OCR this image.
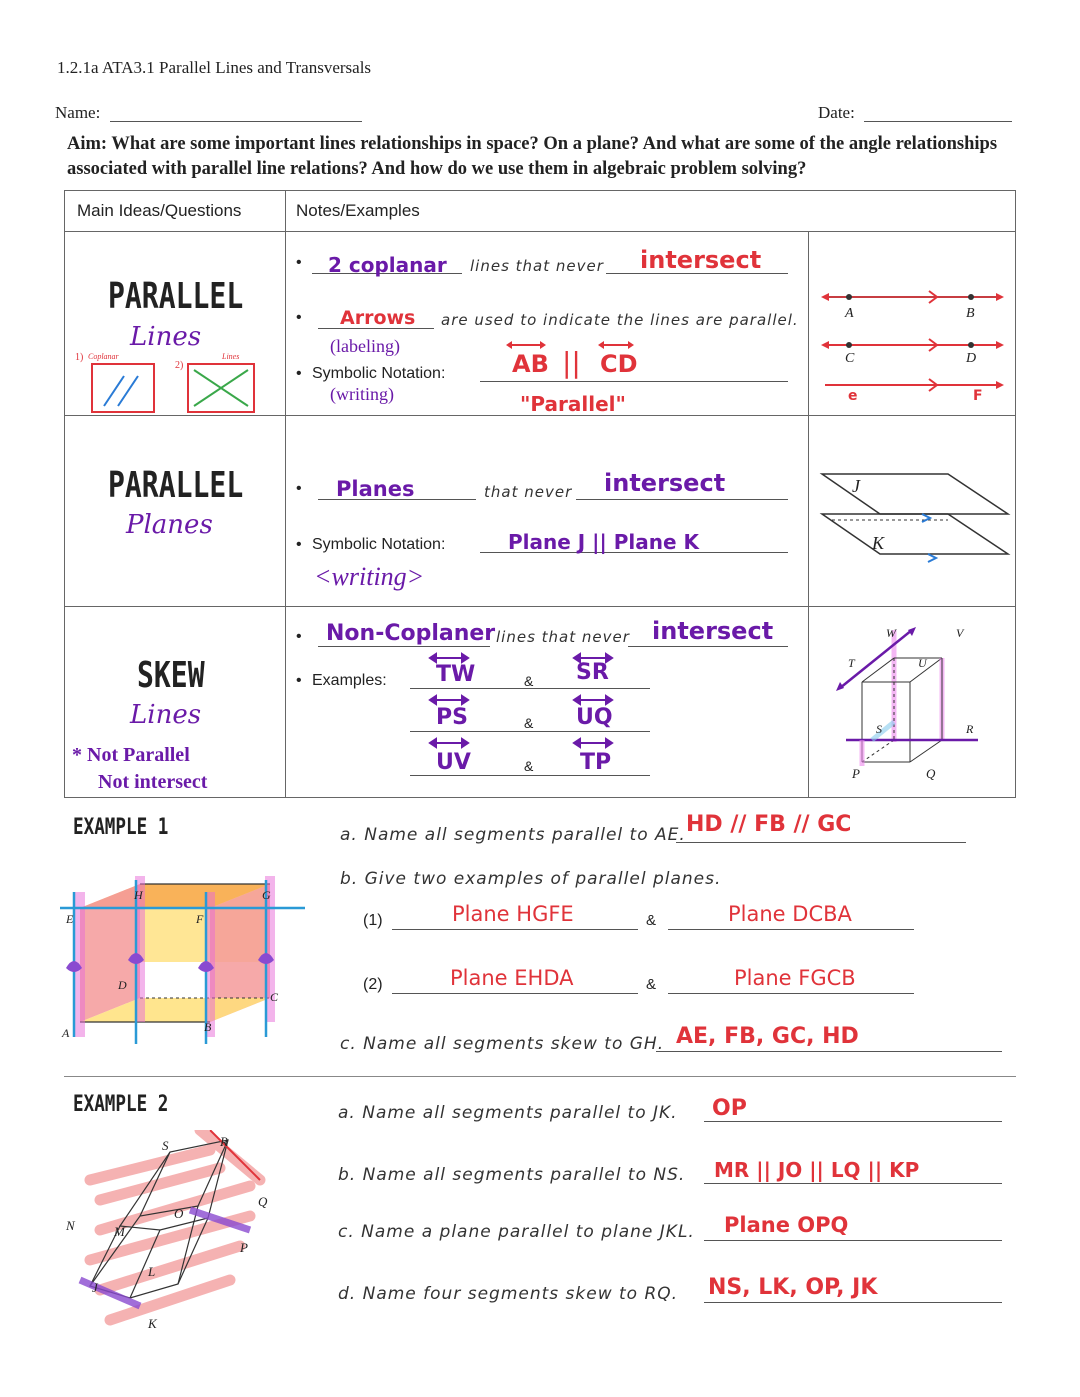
1.2.1a ATA3.1 Parallel Lines and Transversals
Name:	Date:
Aim: What are some important lines relationships in space? On a plane? And what are some of the angle relationships associated with parallel line relations? And how do we use them in algebraic problem solving?
Main Ideas/Questions	Notes/Examples
PARALLEL
Lines
1) Coplanar
2)
Lines
•
2 coplanar lines that never intersect
•
Arrows are used to indicate the lines are parallel.
(labeling)
• Symbolic Notation:	AB || CD
(writing)	"Parallel"
A	B
C	D
e	F
PARALLEL
Planes
•
Planes	that never intersect
• Symbolic Notation:	Plane J || Plane K
<writing>
J
K
SKEW
Lines
* Not Parallel
Not intersect
•
Non-Coplaner lines that never intersect
• Examples: TW	& SR
PS	& UQ
UV	& TP
W	V
T	U
S	R
P	Q
EXAMPLE 1
H	G
E	F
D
C
A	B
a. Name all segments parallel to AE. HD // FB // GC
b. Give two examples of parallel planes.
(1)	Plane HGFE	&	Plane DCBA
(2)	Plane EHDA	&	Plane FGCB
c. Name all segments skew to GH. AE, FB, GC, HD
EXAMPLE 2
S	R
N	M
O
Q
P
L
J
K
a. Name all segments parallel to JK. OP
b. Name all segments parallel to NS. MR || JO || LQ || KP
c. Name a plane parallel to plane JKL. Plane OPQ
d. Name four segments skew to RQ. NS, LK, OP, JK
